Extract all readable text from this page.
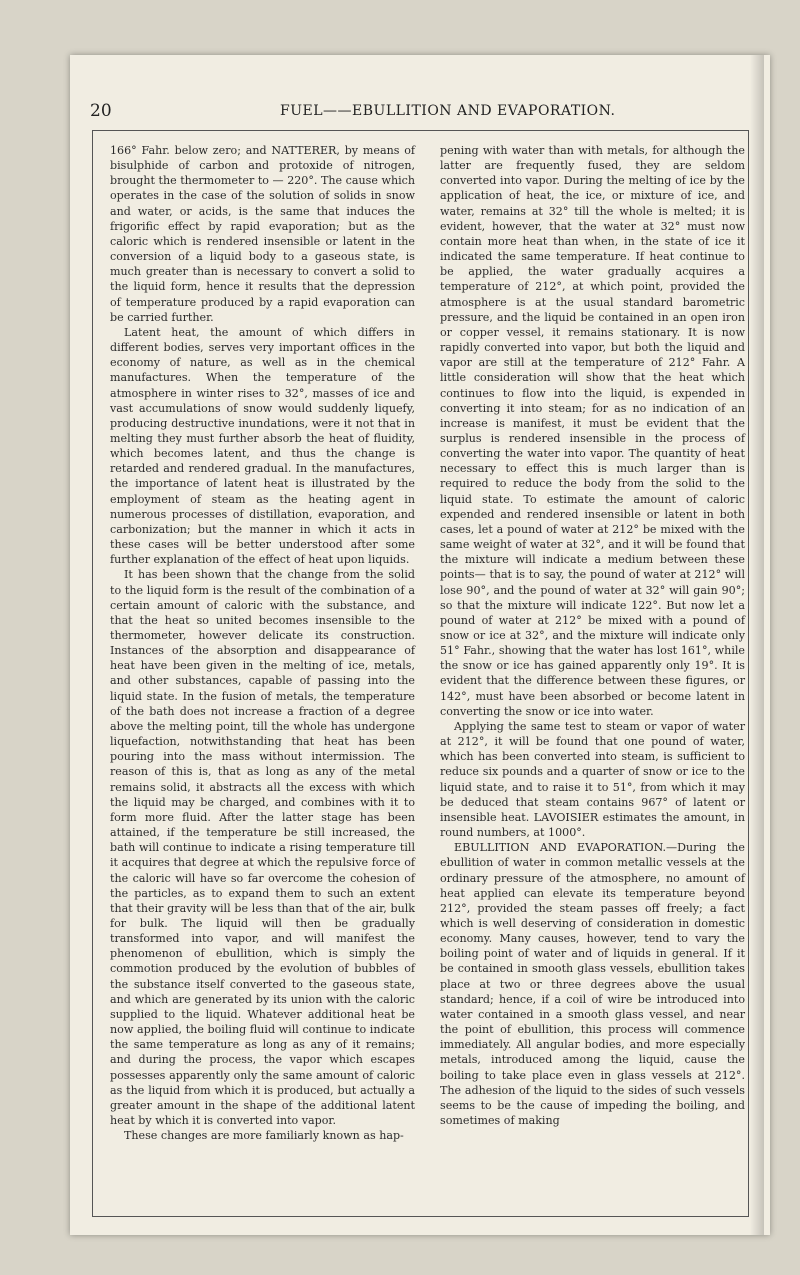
20	FUEL——EBULLITION AND EVAPORATION.

166° Fahr. below zero; and NATTERER, by means of bisulphide of carbon and protoxide of nitrogen, brought the thermometer to — 220°. The cause which operates in the case of the solution of solids in snow and water, or acids, is the same that induces the frigorific effect by rapid evaporation; but as the caloric which is rendered insensible or latent in the conversion of a liquid body to a gaseous state, is much greater than is necessary to convert a solid to the liquid form, hence it results that the depression of temperature produced by a rapid evaporation can be carried further.

Latent heat, the amount of which differs in different bodies, serves very important offices in the economy of nature, as well as in the chemical manufactures. When the temperature of the atmosphere in winter rises to 32°, masses of ice and vast accumulations of snow would suddenly liquefy, producing destructive inundations, were it not that in melting they must further absorb the heat of fluidity, which becomes latent, and thus the change is retarded and rendered gradual. In the manufactures, the importance of latent heat is illustrated by the employment of steam as the heating agent in numerous processes of distillation, evaporation, and carbonization; but the manner in which it acts in these cases will be better understood after some further explanation of the effect of heat upon liquids.

It has been shown that the change from the solid to the liquid form is the result of the combination of a certain amount of caloric with the substance, and that the heat so united becomes insensible to the thermometer, however delicate its construction. Instances of the absorption and disappearance of heat have been given in the melting of ice, metals, and other substances, capable of passing into the liquid state. In the fusion of metals, the temperature of the bath does not increase a fraction of a degree above the melting point, till the whole has undergone liquefaction, notwithstanding that heat has been pouring into the mass without intermission. The reason of this is, that as long as any of the metal remains solid, it abstracts all the excess with which the liquid may be charged, and combines with it to form more fluid. After the latter stage has been attained, if the temperature be still increased, the bath will continue to indicate a rising temperature till it acquires that degree at which the repulsive force of the caloric will have so far overcome the cohesion of the particles, as to expand them to such an extent that their gravity will be less than that of the air, bulk for bulk. The liquid will then be gradually transformed into vapor, and will manifest the phenomenon of ebullition, which is simply the commotion produced by the evolution of bubbles of the substance itself converted to the gaseous state, and which are generated by its union with the caloric supplied to the liquid. Whatever additional heat be now applied, the boiling fluid will continue to indicate the same temperature as long as any of it remains; and during the process, the vapor which escapes possesses apparently only the same amount of caloric as the liquid from which it is produced, but actually a greater amount in the shape of the additional latent heat by which it is converted into vapor.

These changes are more familiarly known as hap-

pening with water than with metals, for although the latter are frequently fused, they are seldom converted into vapor. During the melting of ice by the application of heat, the ice, or mixture of ice, and water, remains at 32° till the whole is melted; it is evident, however, that the water at 32° must now contain more heat than when, in the state of ice it indicated the same temperature. If heat continue to be applied, the water gradually acquires a temperature of 212°, at which point, provided the atmosphere is at the usual standard barometric pressure, and the liquid be contained in an open iron or copper vessel, it remains stationary. It is now rapidly converted into vapor, but both the liquid and vapor are still at the temperature of 212° Fahr. A little consideration will show that the heat which continues to flow into the liquid, is expended in converting it into steam; for as no indication of an increase is manifest, it must be evident that the surplus is rendered insensible in the process of converting the water into vapor. The quantity of heat necessary to effect this is much larger than is required to reduce the body from the solid to the liquid state. To estimate the amount of caloric expended and rendered insensible or latent in both cases, let a pound of water at 212° be mixed with the same weight of water at 32°, and it will be found that the mixture will indicate a medium between these points— that is to say, the pound of water at 212° will lose 90°, and the pound of water at 32° will gain 90°; so that the mixture will indicate 122°. But now let a pound of water at 212° be mixed with a pound of snow or ice at 32°, and the mixture will indicate only 51° Fahr., showing that the water has lost 161°, while the snow or ice has gained apparently only 19°. It is evident that the difference between these figures, or 142°, must have been absorbed or become latent in converting the snow or ice into water.

Applying the same test to steam or vapor of water at 212°, it will be found that one pound of water, which has been converted into steam, is sufficient to reduce six pounds and a quarter of snow or ice to the liquid state, and to raise it to 51°, from which it may be deduced that steam contains 967° of latent or insensible heat. LAVOISIER estimates the amount, in round numbers, at 1000°.

EBULLITION AND EVAPORATION.—During the ebullition of water in common metallic vessels at the ordinary pressure of the atmosphere, no amount of heat applied can elevate its temperature beyond 212°, provided the steam passes off freely; a fact which is well deserving of consideration in domestic economy. Many causes, however, tend to vary the boiling point of water and of liquids in general. If it be contained in smooth glass vessels, ebullition takes place at two or three degrees above the usual standard; hence, if a coil of wire be introduced into water contained in a smooth glass vessel, and near the point of ebullition, this process will commence immediately. All angular bodies, and more especially metals, introduced among the liquid, cause the boiling to take place even in glass vessels at 212°. The adhesion of the liquid to the sides of such vessels seems to be the cause of impeding the boiling, and sometimes of making
